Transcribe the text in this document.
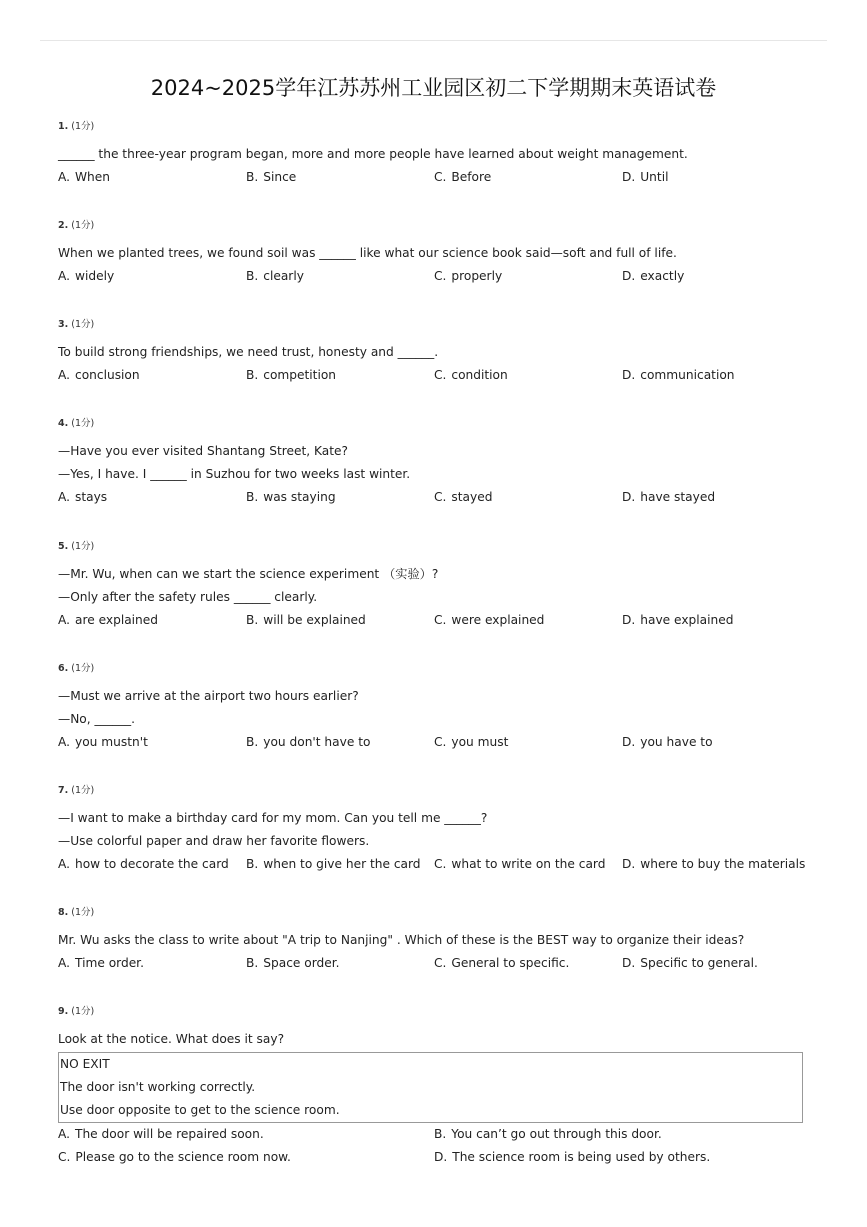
2024~2025学年江苏苏州工业园区初二下学期期末英语试卷

1. (1分)

______ the three-year program began, more and more people have learned about weight management.

A. When	B. Since	C. Before	D. Until

2. (1分)

When we planted trees, we found soil was ______ like what our science book said—soft and full of life.

A. widely	B. clearly	C. properly	D. exactly

3. (1分)

To build strong friendships, we need trust, honesty and ______.

A. conclusion	B. competition	C. condition	D. communication

4. (1分)

—Have you ever visited Shantang Street, Kate?

—Yes, I have. I ______ in Suzhou for two weeks last winter.

A. stays	B. was staying	C. stayed	D. have stayed

5. (1分)

—Mr. Wu, when can we start the science experiment （实验）?

—Only after the safety rules ______ clearly.

A. are explained	B. will be explained	C. were explained	D. have explained

6. (1分)

—Must we arrive at the airport two hours earlier?

—No, ______.

A. you mustn't	B. you don't have to	C. you must	D. you have to

7. (1分)

—I want to make a birthday card for my mom. Can you tell me ______?

—Use colorful paper and draw her favorite flowers.

A. how to decorate the card B. when to give her the card C. what to write on the card D. where to buy the materials

8. (1分)

Mr. Wu asks the class to write about "A trip to Nanjing" . Which of these is the BEST way to organize their ideas?

A. Time order.	B. Space order.	C. General to specific.	D. Specific to general.

9. (1分)

Look at the notice. What does it say?

NO EXIT

The door isn't working correctly.

Use door opposite to get to the science room.

A. The door will be repaired soon.	B. You can’t go out through this door.
C. Please go to the science room now.	D. The science room is being used by others.
